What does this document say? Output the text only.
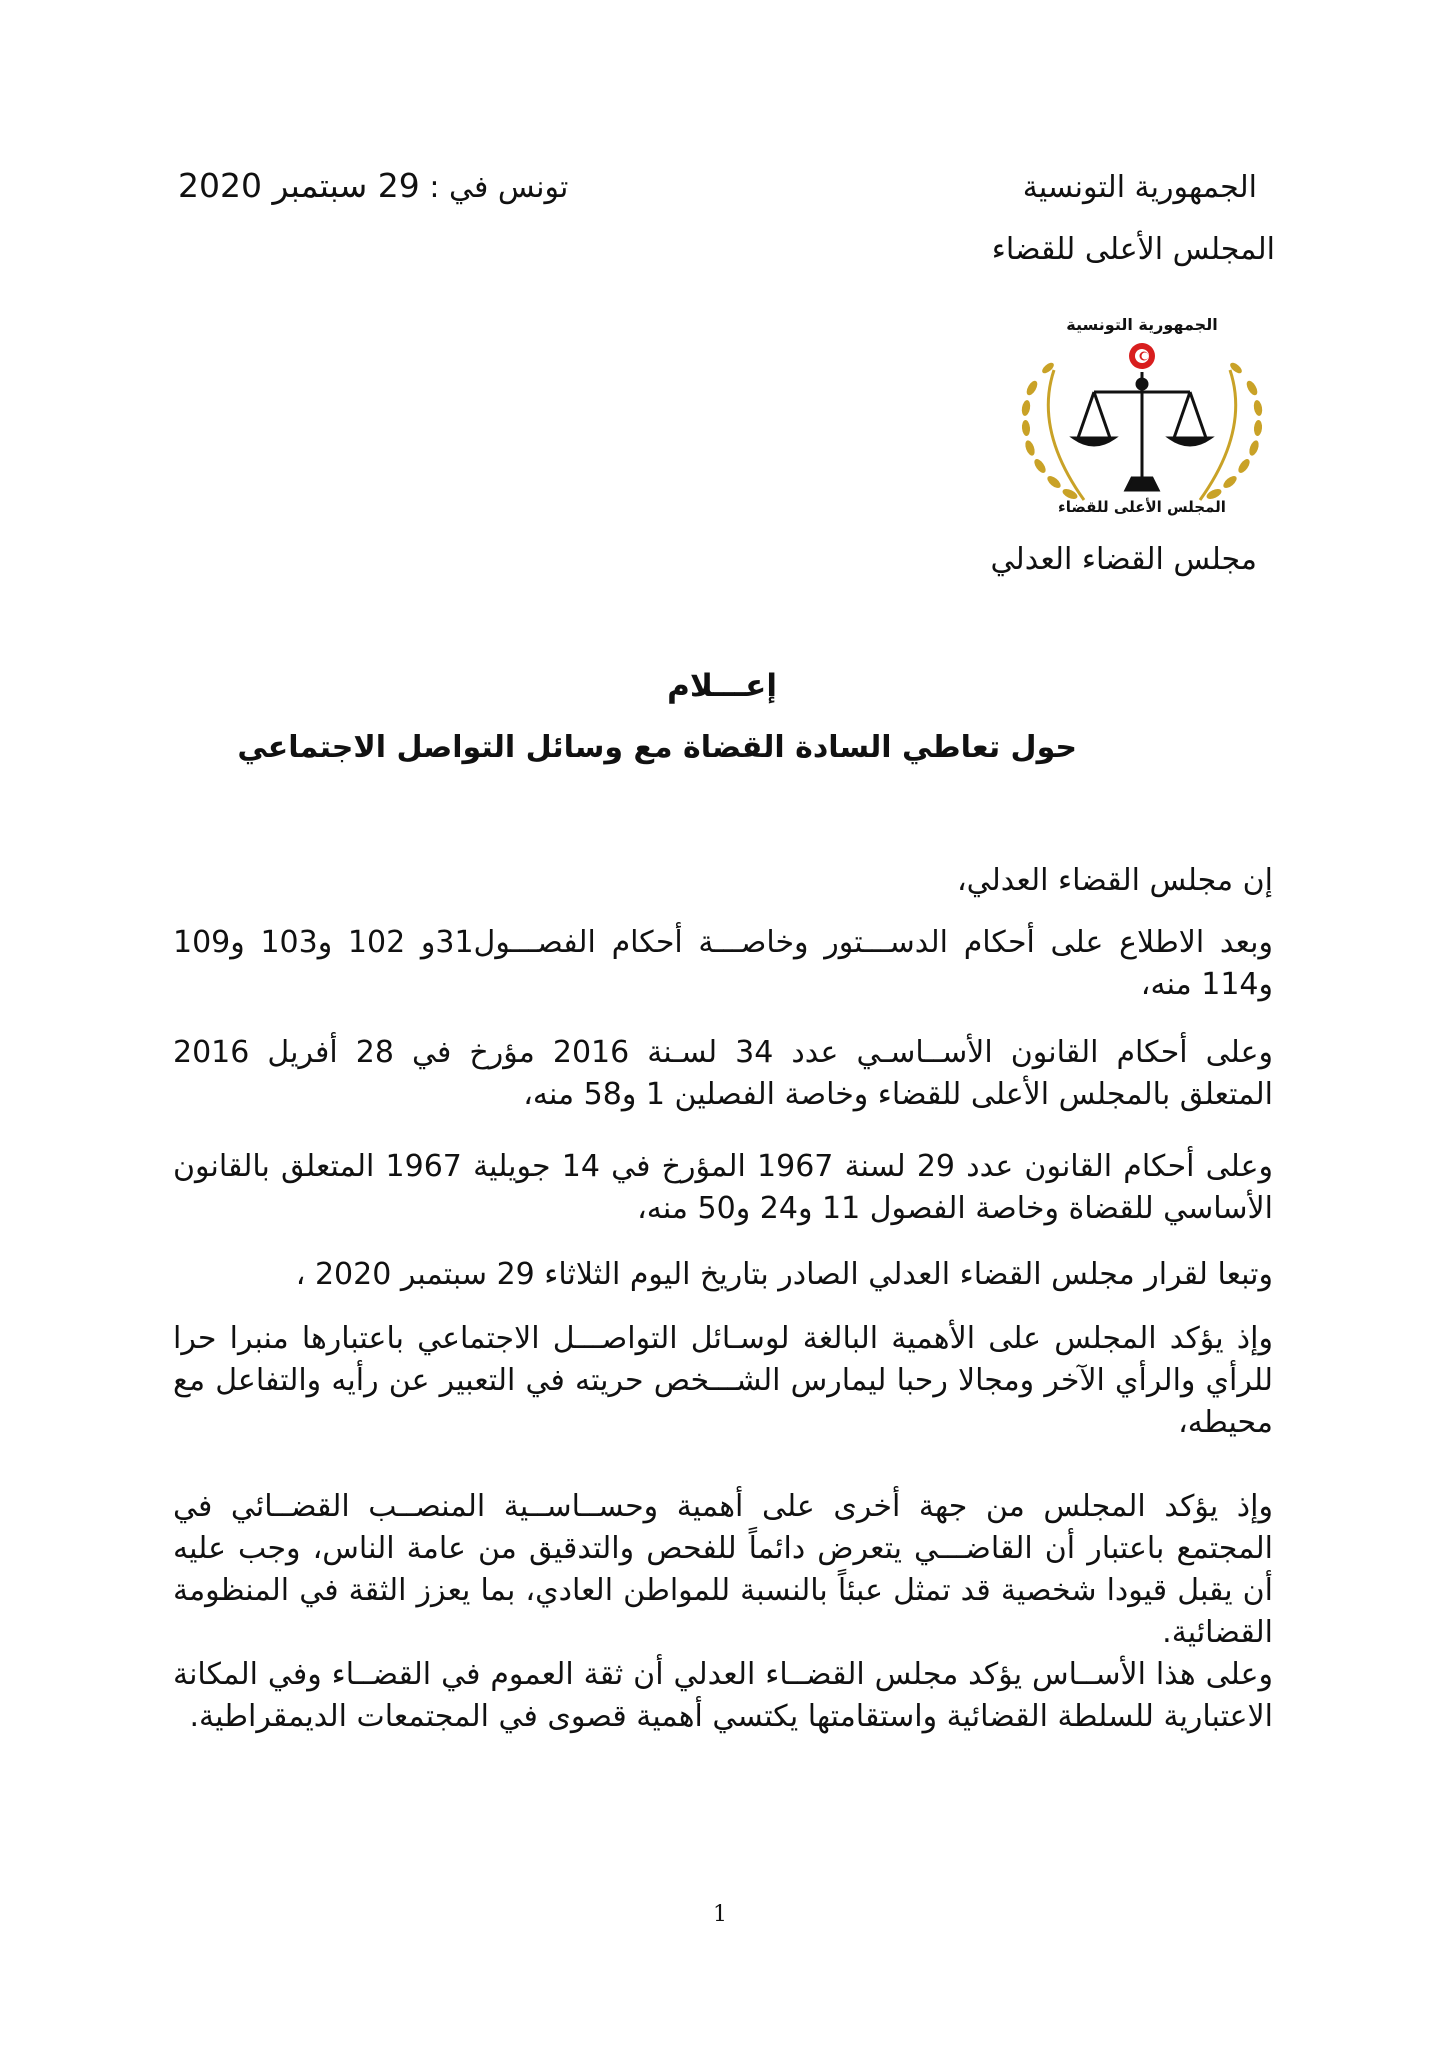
الجمهورية التونسية
المجلس الأعلى للقضاء
تونس في : 29 سبتمبر 2020
الجمهورية التونسية
المجلس الأعلى للقضاء
مجلس القضاء العدلي
إعـــلام
حول تعاطي السادة القضاة مع وسائل التواصل الاجتماعي

إن مجلس القضاء العدلي،

وبعد الاطلاع على أحكام الدســـتور وخاصـــة أحكام الفصـــول31و 102 و103 و109 و114 منه،

وعلى أحكام القانون الأســاسـي عدد 34 لسـنة 2016 مؤرخ في 28 أفريل 2016 المتعلق بالمجلس الأعلى للقضاء وخاصة الفصلين 1 و58 منه،

وعلى أحكام القانون عدد 29 لسنة 1967 المؤرخ في 14 جويلية 1967 المتعلق بالقانون الأساسي للقضاة وخاصة الفصول 11 و24 و50 منه،

وتبعا لقرار مجلس القضاء العدلي الصادر بتاريخ اليوم الثلاثاء 29 سبتمبر 2020 ،

وإذ يؤكد المجلس على الأهمية البالغة لوسـائل التواصـــل الاجتماعي باعتبارها منبرا حرا للرأي والرأي الآخر ومجالا رحبا ليمارس الشـــخص حريته في التعبير عن رأيه والتفاعل مع محيطه،

وإذ يؤكد المجلس من جهة أخرى على أهمية وحســاســية المنصــب القضــائي في المجتمع باعتبار أن القاضـــي يتعرض دائماً للفحص والتدقيق من عامة الناس، وجب عليه أن يقبل قيودا شخصية قد تمثل عبئاً بالنسبة للمواطن العادي، بما يعزز الثقة في المنظومة القضائية.

وعلى هذا الأســاس يؤكد مجلس القضــاء العدلي أن ثقة العموم في القضــاء وفي المكانة الاعتبارية للسلطة القضائية واستقامتها يكتسي أهمية قصوى في المجتمعات الديمقراطية.

1
